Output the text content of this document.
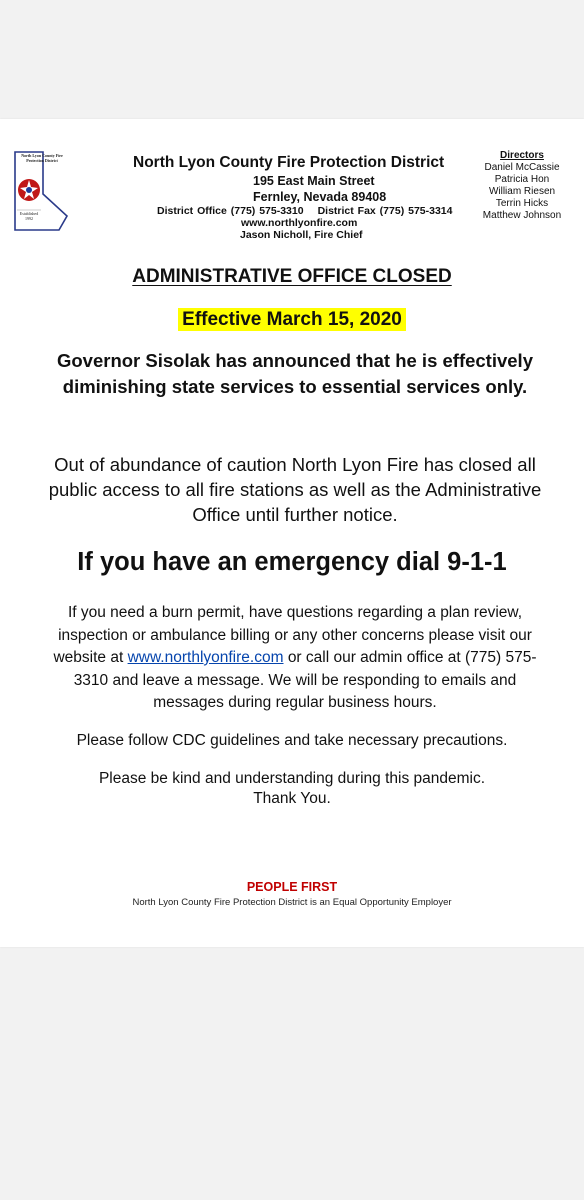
North Lyon County Fire Protection District
Established 1992
North Lyon County Fire Protection District
195 East Main Street
Fernley, Nevada 89408
District Office (775) 575-3310 District Fax (775) 575-3314
www.northlyonfire.com
Jason Nicholl, Fire Chief
Directors
Daniel McCassie
Patricia Hon
William Riesen
Terrin Hicks
Matthew Johnson
ADMINISTRATIVE OFFICE CLOSED
Effective March 15, 2020
Governor Sisolak has announced that he is effectively diminishing state services to essential services only.
Out of abundance of caution North Lyon Fire has closed all public access to all fire stations as well as the Administrative Office until further notice.
If you have an emergency dial 9-1-1
If you need a burn permit, have questions regarding a plan review, inspection or ambulance billing or any other concerns please visit our website at www.northlyonfire.com or call our admin office at (775) 575-3310 and leave a message. We will be responding to emails and messages during regular business hours.
Please follow CDC guidelines and take necessary precautions.
Please be kind and understanding during this pandemic.
Thank You.
PEOPLE FIRST
North Lyon County Fire Protection District is an Equal Opportunity Employer
